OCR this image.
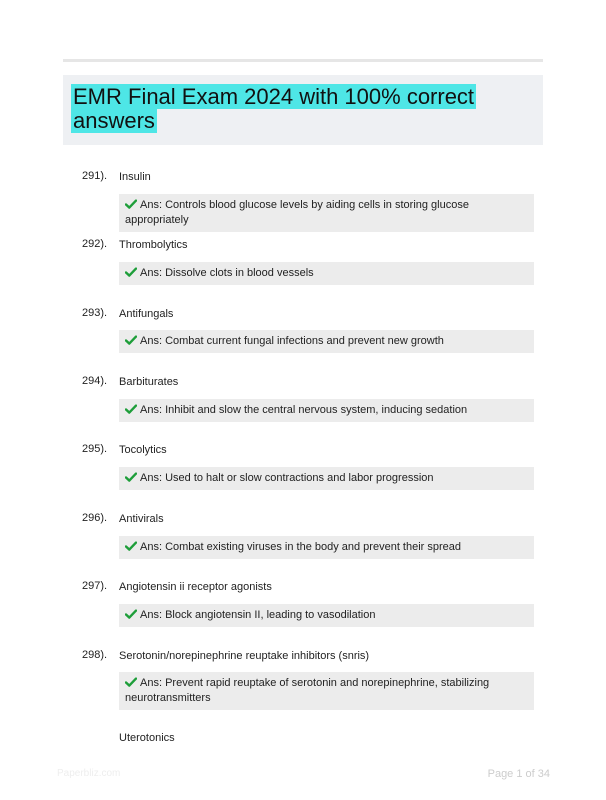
EMR Final Exam 2024 with 100% correct answers
291). Insulin
Ans: Controls blood glucose levels by aiding cells in storing glucose appropriately
292). Thrombolytics
Ans: Dissolve clots in blood vessels
293). Antifungals
Ans: Combat current fungal infections and prevent new growth
294). Barbiturates
Ans: Inhibit and slow the central nervous system, inducing sedation
295). Tocolytics
Ans: Used to halt or slow contractions and labor progression
296). Antivirals
Ans: Combat existing viruses in the body and prevent their spread
297). Angiotensin ii receptor agonists
Ans: Block angiotensin II, leading to vasodilation
298). Serotonin/norepinephrine reuptake inhibitors (snris)
Ans: Prevent rapid reuptake of serotonin and norepinephrine, stabilizing neurotransmitters
Uterotonics
Paperbliz.com	Page 1 of 34
